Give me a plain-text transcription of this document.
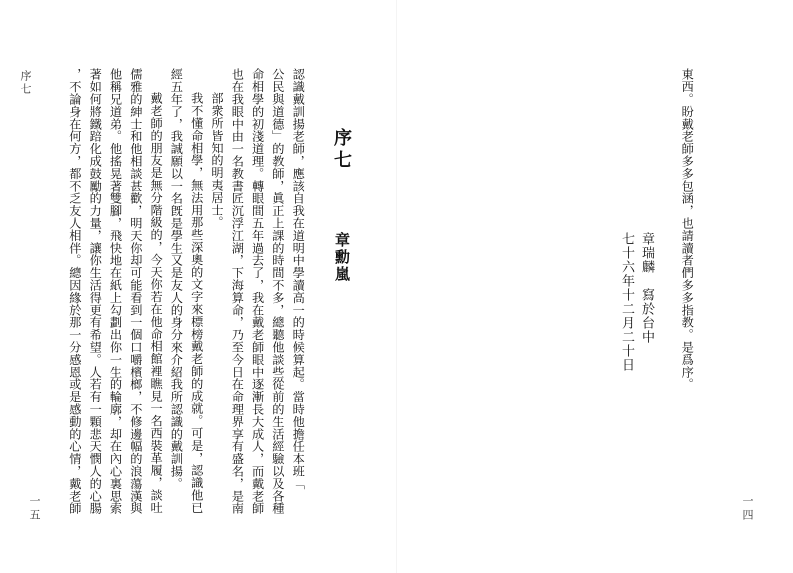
序七
序七
章勳嵐
認識戴訓揚老師，應該自我在道明中學讀高一的時候算起。當時他擔任本班「
公民與道德」的教師，眞正上課的時間不多，總聽他談些從前的生活經驗以及各種
命相學的初淺道理。轉眼間五年過去了，我在戴老師眼中逐漸長大成人，而戴老師
也在我眼中由一名教書匠沉浮江湖，下海算命，乃至今日在命理界享有盛名，是南
部衆所皆知的明夷居士。
我不懂命相學，無法用那些深奧的文字來標榜戴老師的成就。可是，認識他已
經五年了，我誠願以一名旣是學生又是友人的身分來介紹我所認識的戴訓揚。
戴老師的朋友是無分階級的，今天你若在他命相館裡瞧見一名西裝革履，談吐
儒雅的紳士和他相談甚歡，明天你却可能看到一個口嚼檳榔，不修邊幅的浪蕩漢與
他稱兄道弟。他搖晃著雙腳，飛快地在紙上勾劃出你一生的輪廓，却在內心裏思索
著如何將鐵踣化成鼓勵的力量，讓你生活得更有希望。人若有一顆悲天憫人的心腸
，不論身在何方，都不乏友人相伴。總因緣於那一分感恩或是感動的心情，戴老師
一五
東西。盼戴老師多多包涵，也請讀者們多多指教。是爲序。
章瑞麟　寫於台中
七十六年十二月二十日
一四
